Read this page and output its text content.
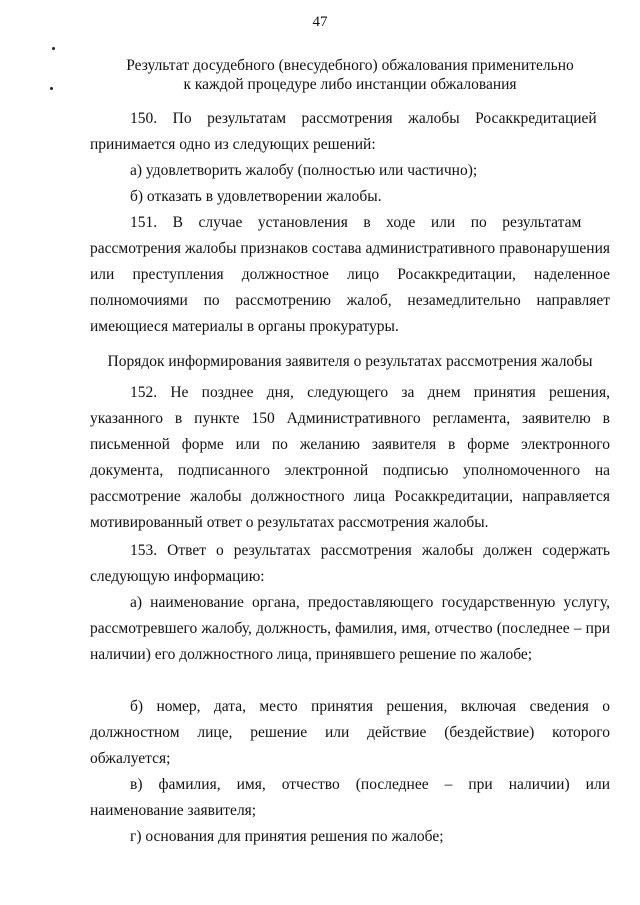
47
Результат досудебного (внесудебного) обжалования применительно
к каждой процедуре либо инстанции обжалования

150. По результатам рассмотрения жалобы Росаккредитацией принимается одно из следующих решений:

а) удовлетворить жалобу (полностью или частично);

б) отказать в удовлетворении жалобы.

151. В случае установления в ходе или по результатам рассмотрения жалобы признаков состава административного правонарушения или преступления должностное лицо Росаккредитации, наделенное полномочиями по рассмотрению жалоб, незамедлительно направляет имеющиеся материалы в органы прокуратуры.

Порядок информирования заявителя о результатах рассмотрения жалобы

152. Не позднее дня, следующего за днем принятия решения, указанного в пункте 150 Административного регламента, заявителю в письменной форме или по желанию заявителя в форме электронного документа, подписанного электронной подписью уполномоченного на рассмотрение жалобы должностного лица Росаккредитации, направляется мотивированный ответ о результатах рассмотрения жалобы.

153. Ответ о результатах рассмотрения жалобы должен содержать следующую информацию:

а) наименование органа, предоставляющего государственную услугу, рассмотревшего жалобу, должность, фамилия, имя, отчество (последнее – при наличии) его должностного лица, принявшего решение по жалобе;

б) номер, дата, место принятия решения, включая сведения о должностном лице, решение или действие (бездействие) которого обжалуется;

в) фамилия, имя, отчество (последнее – при наличии) или наименование заявителя;

г) основания для принятия решения по жалобе;
